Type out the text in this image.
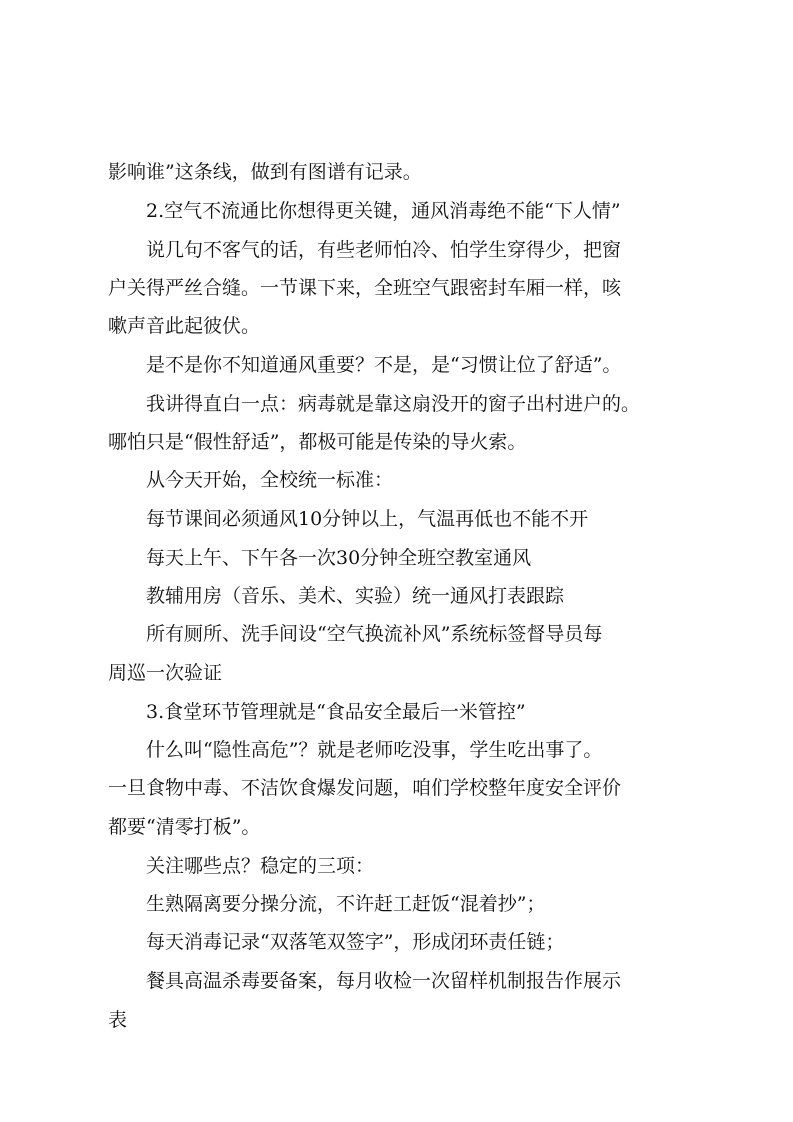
影响谁”这条线，做到有图谱有记录。
2.空气不流通比你想得更关键，通风消毒绝不能“下人情”
说几句不客气的话，有些老师怕冷、怕学生穿得少，把窗
户关得严丝合缝。一节课下来，全班空气跟密封车厢一样，咳
嗽声音此起彼伏。
是不是你不知道通风重要？不是，是“习惯让位了舒适”。
我讲得直白一点：病毒就是靠这扇没开的窗子出村进户的。
哪怕只是“假性舒适”，都极可能是传染的导火索。
从今天开始，全校统一标准：
每节课间必须通风10分钟以上，气温再低也不能不开
每天上午、下午各一次30分钟全班空教室通风
教辅用房（音乐、美术、实验）统一通风打表跟踪
所有厕所、洗手间设“空气换流补风”系统标签督导员每
周巡一次验证
3.食堂环节管理就是“食品安全最后一米管控”
什么叫“隐性高危”？就是老师吃没事，学生吃出事了。
一旦食物中毒、不洁饮食爆发问题，咱们学校整年度安全评价
都要“清零打板”。
关注哪些点？稳定的三项：
生熟隔离要分操分流，不许赶工赶饭“混着抄”；
每天消毒记录“双落笔双签字”，形成闭环责任链；
餐具高温杀毒要备案，每月收检一次留样机制报告作展示
表
